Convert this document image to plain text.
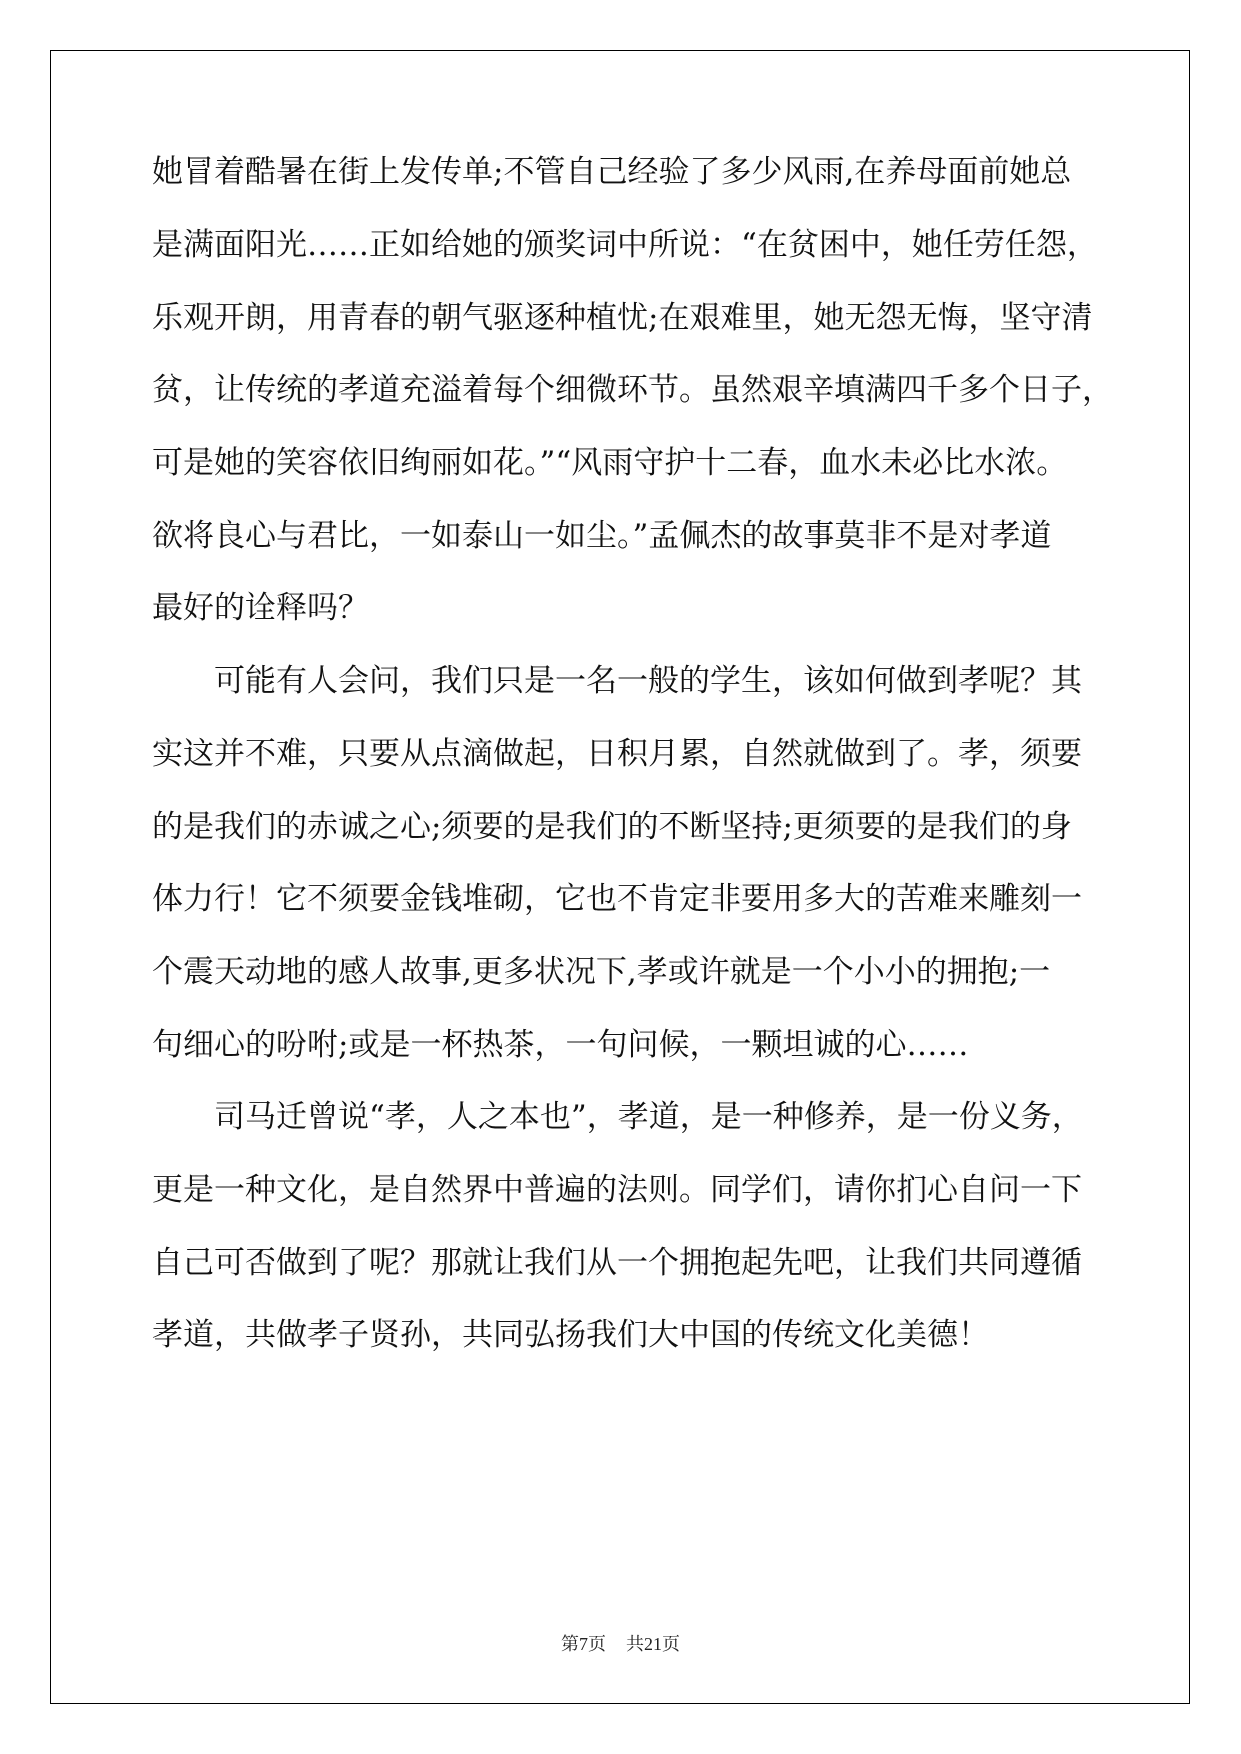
她冒着酷暑在街上发传单;不管自己经验了多少风雨,在养母面前她总
是满面阳光……正如给她的颁奖词中所说：“在贫困中，她任劳任怨，
乐观开朗，用青春的朝气驱逐种植忧;在艰难里，她无怨无悔，坚守清
贫，让传统的孝道充溢着每个细微环节。虽然艰辛填满四千多个日子，
可是她的笑容依旧绚丽如花。”“风雨守护十二春，血水未必比水浓。
欲将良心与君比，一如泰山一如尘。”孟佩杰的故事莫非不是对孝道
最好的诠释吗？
　　可能有人会问，我们只是一名一般的学生，该如何做到孝呢？其
实这并不难，只要从点滴做起，日积月累，自然就做到了。孝，须要
的是我们的赤诚之心;须要的是我们的不断坚持;更须要的是我们的身
体力行！它不须要金钱堆砌，它也不肯定非要用多大的苦难来雕刻一
个震天动地的感人故事,更多状况下,孝或许就是一个小小的拥抱;一
句细心的吩咐;或是一杯热茶，一句问候，一颗坦诚的心……
　　司马迁曾说“孝，人之本也”，孝道，是一种修养，是一份义务，
更是一种文化，是自然界中普遍的法则。同学们，请你扪心自问一下
自己可否做到了呢？那就让我们从一个拥抱起先吧，让我们共同遵循
孝道，共做孝子贤孙，共同弘扬我们大中国的传统文化美德！
第7页 共21页
